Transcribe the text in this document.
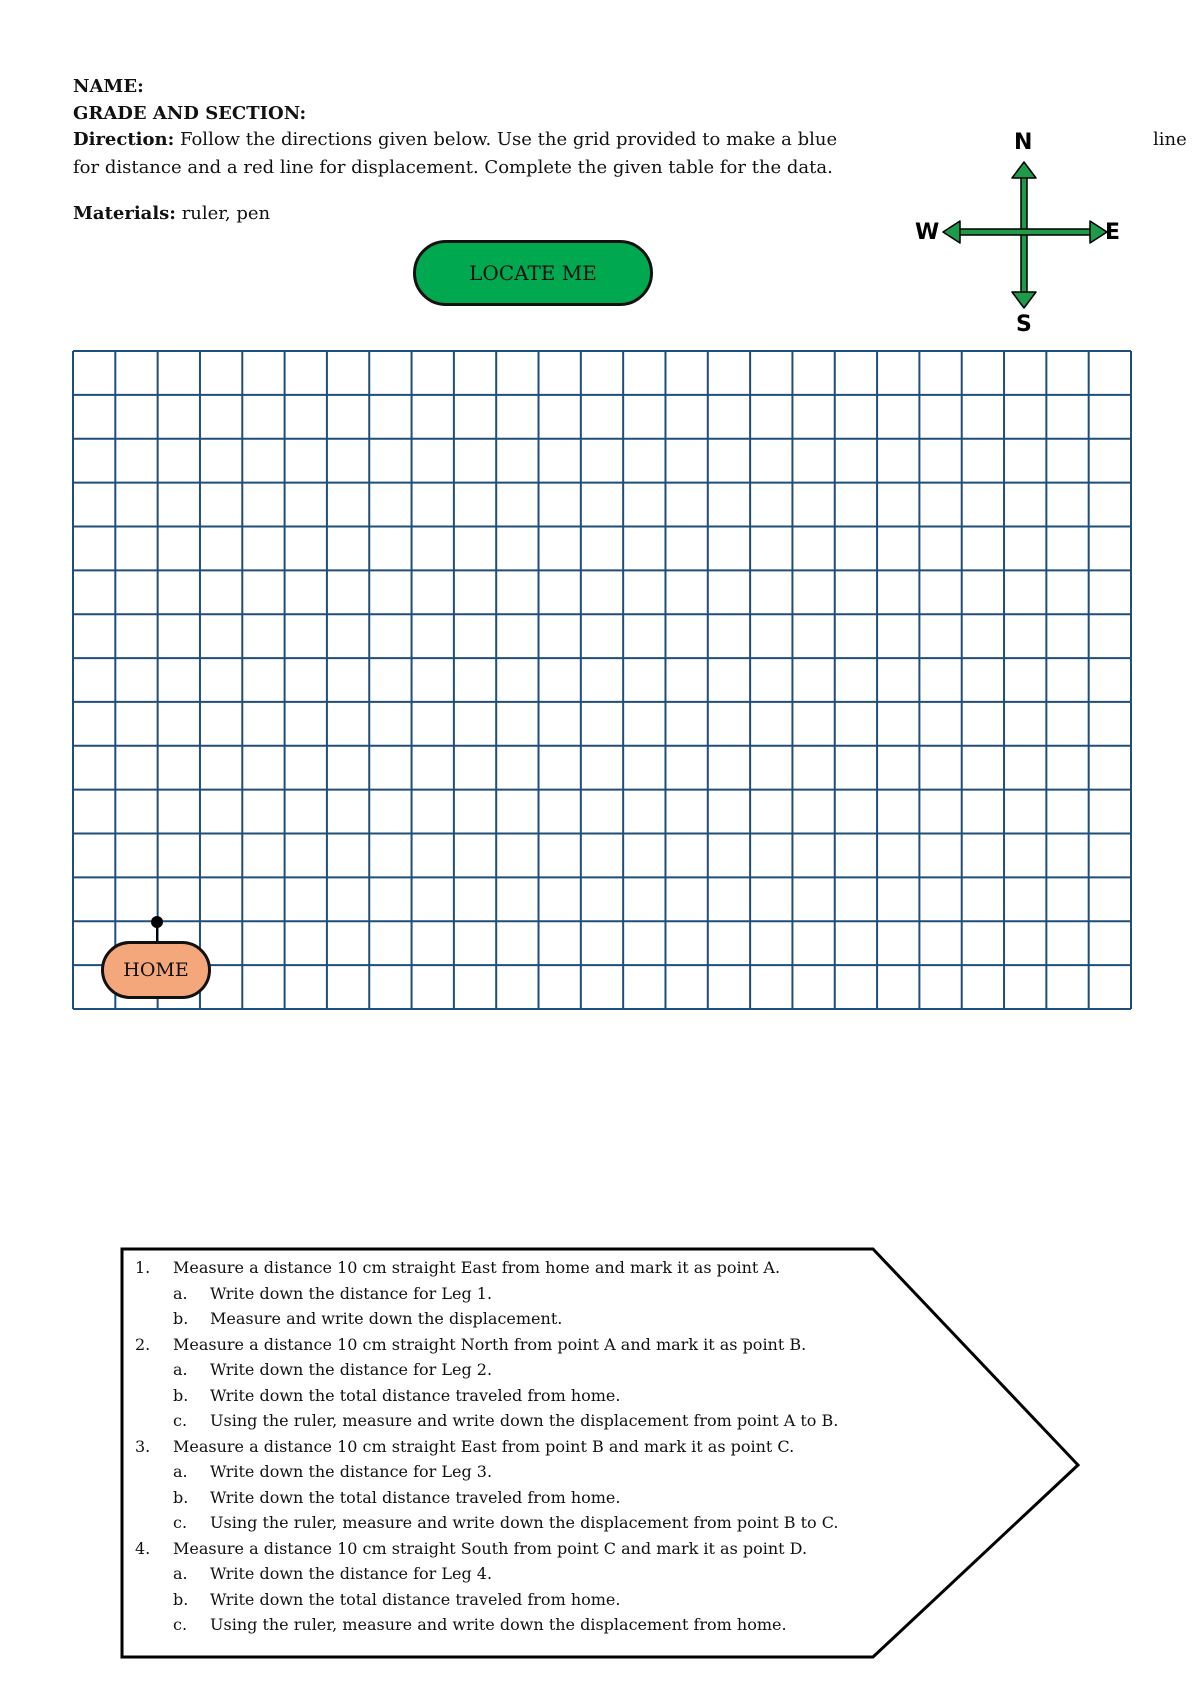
NAME:
GRADE AND SECTION:
Direction: Follow the directions given below. Use the grid provided to make a blue	line
for distance and a red line for displacement. Complete the given table for the data.
Materials: ruler, pen
LOCATE ME
N
S
W	E
HOME
1. Measure a distance 10 cm straight East from home and mark it as point A.
a. Write down the distance for Leg 1.
b. Measure and write down the displacement.
2. Measure a distance 10 cm straight North from point A and mark it as point B.
a. Write down the distance for Leg 2.
b. Write down the total distance traveled from home.
c. Using the ruler, measure and write down the displacement from point A to B.
3. Measure a distance 10 cm straight East from point B and mark it as point C.
a. Write down the distance for Leg 3.
b. Write down the total distance traveled from home.
c. Using the ruler, measure and write down the displacement from point B to C.
4. Measure a distance 10 cm straight South from point C and mark it as point D.
a. Write down the distance for Leg 4.
b. Write down the total distance traveled from home.
c. Using the ruler, measure and write down the displacement from home.
